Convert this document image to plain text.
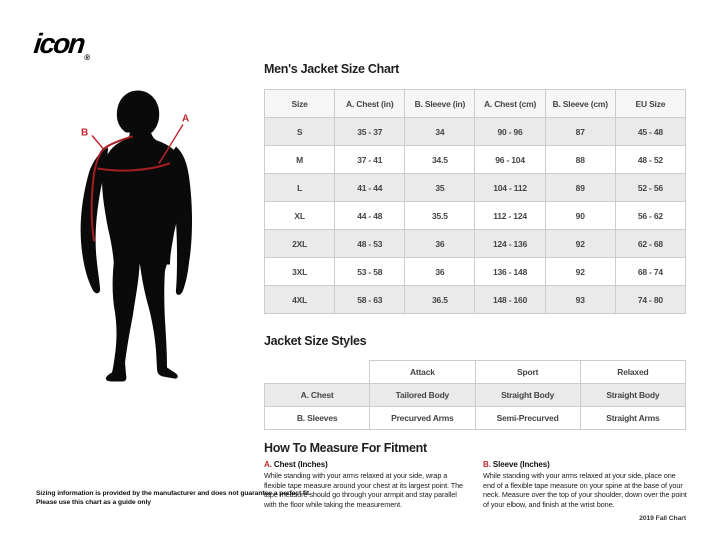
icon$_®$
A
B
Men's Jacket Size Chart
Size	A. Chest (in)	B. Sleeve (in)	A. Chest (cm)	B. Sleeve (cm)	EU Size
S	35 - 37	34	90 - 96	87	45 - 48
M	37 - 41	34.5	96 - 104	88	48 - 52
L	41 - 44	35	104 - 112	89	52 - 56
XL	44 - 48	35.5	112 - 124	90	56 - 62
2XL	48 - 53	36	124 - 136	92	62 - 68
3XL	53 - 58	36	136 - 148	92	68 - 74
4XL	58 - 63	36.5	148 - 160	93	74 - 80
Jacket Size Styles
	Attack	Sport	Relaxed
A. Chest	Tailored Body	Straight Body	Straight Body
B. Sleeves	Precurved Arms	Semi-Precurved	Straight Arms
How To Measure For Fitment
A. Chest (Inches)
While standing with your arms relaxed at your side, wrap a flexible tape measure around your chest at its largest point. The tape measure should go through your armpit and stay parallel with the floor while taking the measurement.
B. Sleeve (Inches)
While standing with your arms relaxed at your side, place one end of a flexible tape measure on your spine at the base of your neck. Measure over the top of your shoulder, down over the point of your elbow, and finish at the wrist bone.
Sizing information is provided by the manufacturer and does not guarantee a perfect fit.
Please use this chart as a guide only
2019 Fall Chart
